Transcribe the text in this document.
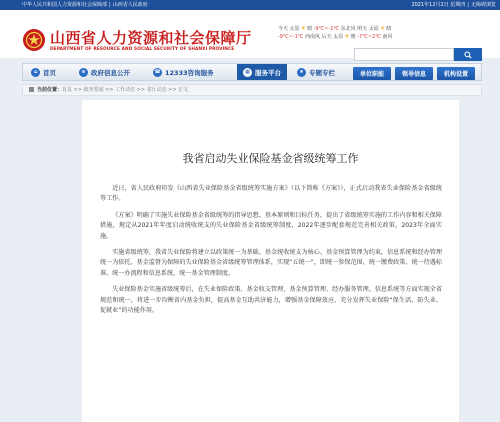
中华人民共和国人力资源和社会保障部 | 山西省人民政府	2021年12月2日 星期四 | 无障碍浏览
山西省人力资源和社会保障厅
DEPARTMENT OF RESOURCE AND SOCIAL SECURITY OF SHANXI PROVINCE
今天 太原☀晴 -9℃~-1℃ 东北风 明天 太原☀晴
-9℃~-1℃ 西南风 后天 太原☀晴 -7℃~2℃ 南风
⌂ 首页	≡ 政府信息公开	☎ 12333咨询服务	▦ 服务平台	★ 专题专栏	单位职能	领导信息	机构设置
当前位置：首页 >> 政务要闻 >> 工作动态 >> 省厅动态 >> 正文
我省启动失业保险基金省级统筹工作

近日，省人民政府印发《山西省失业保险基金省级统筹实施方案》（以下简称《方案》），正式启动我省失业保险基金省级统筹工作。

《方案》明确了实施失业保险基金省级统筹的指导思想、基本原则和目标任务，提出了省级统筹实施的工作内容和相关保障措施，规定从2021年年度启动统收统支的失业保险基金省级统筹制度，2022年逐步配套规范完善相关政策，2023年全面实施。

实施省级统筹，我省失业保险将建立以政策统一为基础、基金统收统支为核心、基金预算管理为约束，信息系统和经办管理统一为依托，基金监督为保障的失业保险基金省级统筹管理体系，实现“五统一”，即统一参保范围、统一缴费政策、统一待遇标准、统一办流程和信息系统，统一基金管理制度。

失业保险基金实施省级统筹后，在失业保险政策、基金收支管理、基金预算管理、经办服务管理、信息系统等方面实现全省规范和统一，将进一步均衡省内基金负担，提高基金互助共济能力，增强基金保障效应，充分发挥失业保险“保生活、防失业、促就业”的功能作用。
